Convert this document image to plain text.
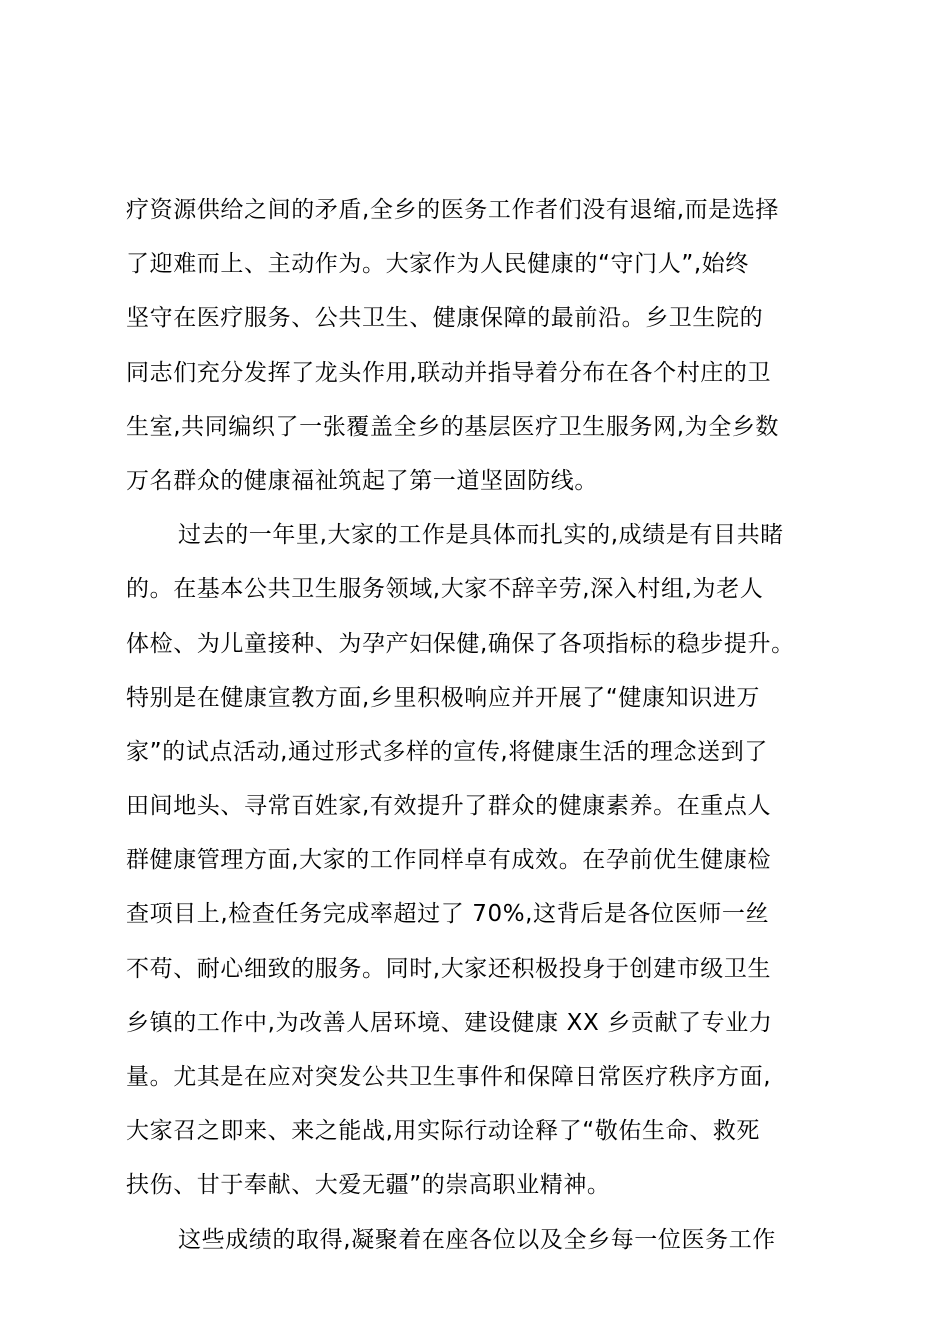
疗资源供给之间的矛盾,全乡的医务工作者们没有退缩,而是选择
了迎难而上、主动作为。大家作为人民健康的“守门人”,始终
坚守在医疗服务、公共卫生、健康保障的最前沿。乡卫生院的
同志们充分发挥了龙头作用,联动并指导着分布在各个村庄的卫
生室,共同编织了一张覆盖全乡的基层医疗卫生服务网,为全乡数
万名群众的健康福祉筑起了第一道坚固防线。
过去的一年里,大家的工作是具体而扎实的,成绩是有目共睹
的。在基本公共卫生服务领域,大家不辞辛劳,深入村组,为老人
体检、为儿童接种、为孕产妇保健,确保了各项指标的稳步提升。
特别是在健康宣教方面,乡里积极响应并开展了“健康知识进万
家”的试点活动,通过形式多样的宣传,将健康生活的理念送到了
田间地头、寻常百姓家,有效提升了群众的健康素养。在重点人
群健康管理方面,大家的工作同样卓有成效。在孕前优生健康检
查项目上,检查任务完成率超过了 70%,这背后是各位医师一丝
不苟、耐心细致的服务。同时,大家还积极投身于创建市级卫生
乡镇的工作中,为改善人居环境、建设健康 XX 乡贡献了专业力
量。尤其是在应对突发公共卫生事件和保障日常医疗秩序方面,
大家召之即来、来之能战,用实际行动诠释了“敬佑生命、救死
扶伤、甘于奉献、大爱无疆”的崇高职业精神。
这些成绩的取得,凝聚着在座各位以及全乡每一位医务工作
